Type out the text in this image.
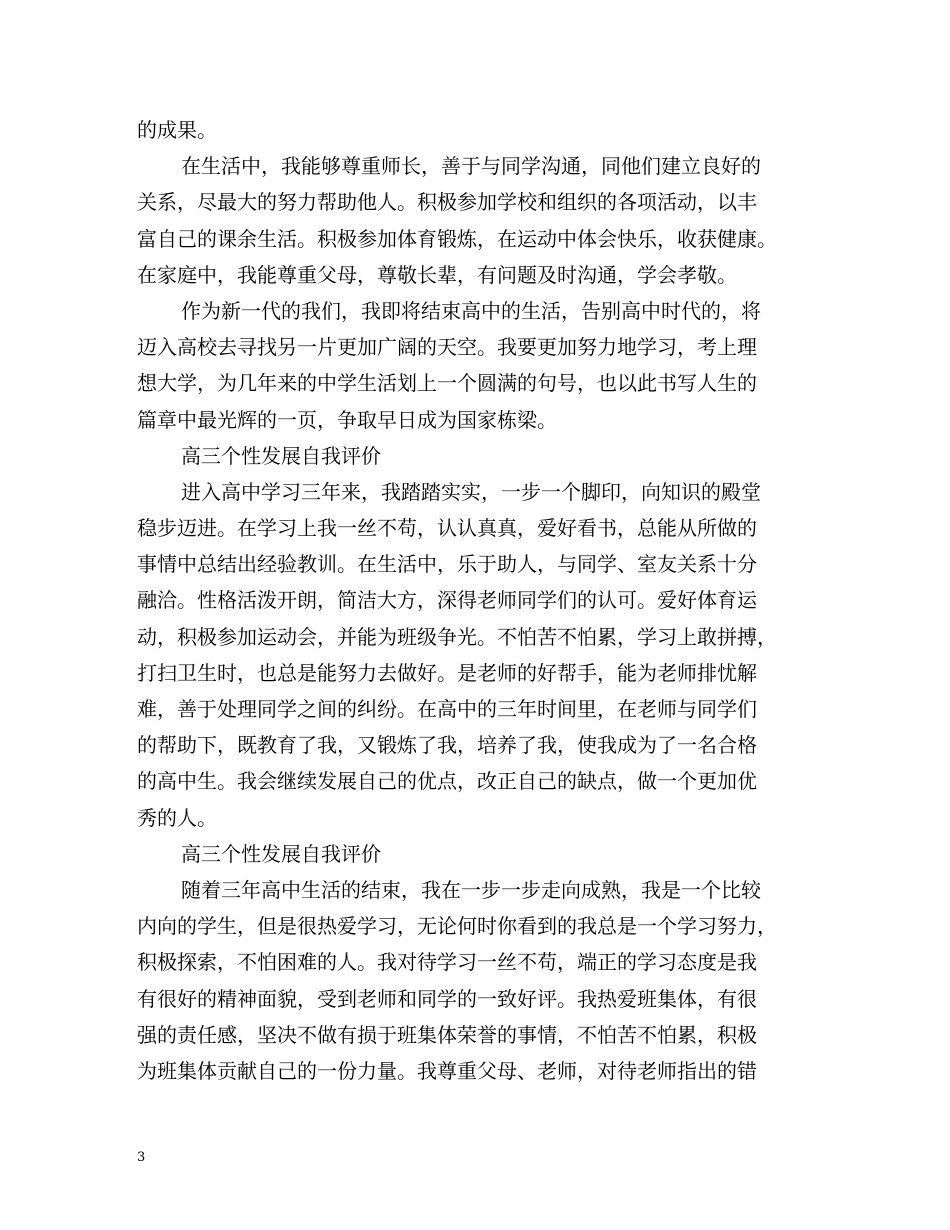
的成果。
在生活中，我能够尊重师长，善于与同学沟通，同他们建立良好的
关系，尽最大的努力帮助他人。积极参加学校和组织的各项活动，以丰
富自己的课余生活。积极参加体育锻炼，在运动中体会快乐，收获健康。
在家庭中，我能尊重父母，尊敬长辈，有问题及时沟通，学会孝敬。
作为新一代的我们，我即将结束高中的生活，告别高中时代的，将
迈入高校去寻找另一片更加广阔的天空。我要更加努力地学习，考上理
想大学，为几年来的中学生活划上一个圆满的句号，也以此书写人生的
篇章中最光辉的一页，争取早日成为国家栋梁。
高三个性发展自我评价
进入高中学习三年来，我踏踏实实，一步一个脚印，向知识的殿堂
稳步迈进。在学习上我一丝不苟，认认真真，爱好看书，总能从所做的
事情中总结出经验教训。在生活中，乐于助人，与同学、室友关系十分
融洽。性格活泼开朗，简洁大方，深得老师同学们的认可。爱好体育运
动，积极参加运动会，并能为班级争光。不怕苦不怕累，学习上敢拼搏，
打扫卫生时，也总是能努力去做好。是老师的好帮手，能为老师排忧解
难，善于处理同学之间的纠纷。在高中的三年时间里，在老师与同学们
的帮助下，既教育了我，又锻炼了我，培养了我，使我成为了一名合格
的高中生。我会继续发展自己的优点，改正自己的缺点，做一个更加优
秀的人。
高三个性发展自我评价
随着三年高中生活的结束，我在一步一步走向成熟，我是一个比较
内向的学生，但是很热爱学习，无论何时你看到的我总是一个学习努力，
积极探索，不怕困难的人。我对待学习一丝不苟，端正的学习态度是我
有很好的精神面貌，受到老师和同学的一致好评。我热爱班集体，有很
强的责任感，坚决不做有损于班集体荣誉的事情，不怕苦不怕累，积极
为班集体贡献自己的一份力量。我尊重父母、老师，对待老师指出的错
3
